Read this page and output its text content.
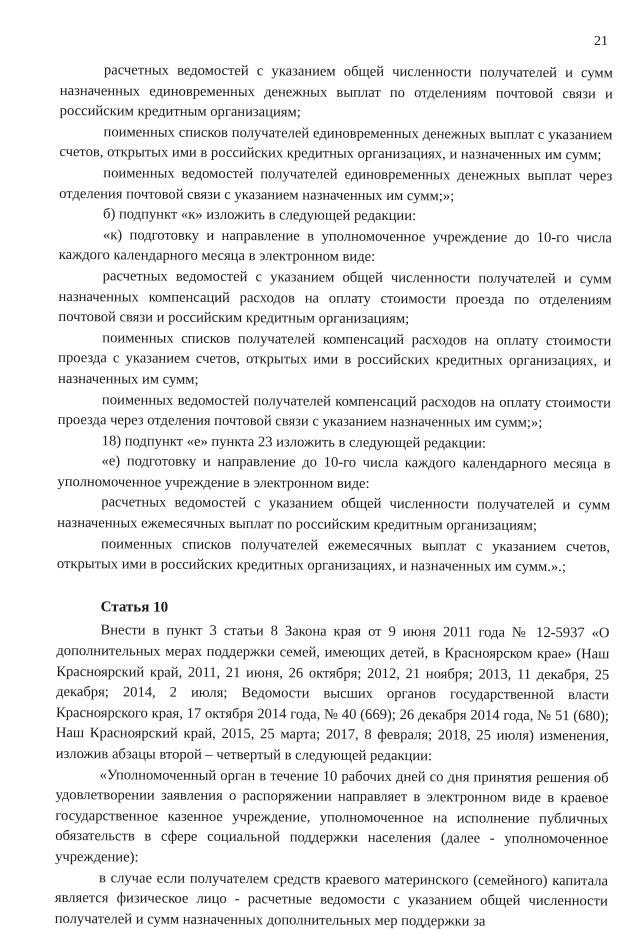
21

расчетных ведомостей с указанием общей численности получателей и сумм назначенных единовременных денежных выплат по отделениям почтовой связи и российским кредитным организациям;

поименных списков получателей единовременных денежных выплат с указанием счетов, открытых ими в российских кредитных организациях, и назначенных им сумм;

поименных ведомостей получателей единовременных денежных выплат через отделения почтовой связи с указанием назначенных им сумм;»;

б) подпункт «к» изложить в следующей редакции:

«к) подготовку и направление в уполномоченное учреждение до 10-го числа каждого календарного месяца в электронном виде:

расчетных ведомостей с указанием общей численности получателей и сумм назначенных компенсаций расходов на оплату стоимости проезда по отделениям почтовой связи и российским кредитным организациям;

поименных списков получателей компенсаций расходов на оплату стоимости проезда с указанием счетов, открытых ими в российских кредитных организациях, и назначенных им сумм;

поименных ведомостей получателей компенсаций расходов на оплату стоимости проезда через отделения почтовой связи с указанием назначенных им сумм;»;

18) подпункт «е» пункта 23 изложить в следующей редакции:

«е) подготовку и направление до 10-го числа каждого календарного месяца в уполномоченное учреждение в электронном виде:

расчетных ведомостей с указанием общей численности получателей и сумм назначенных ежемесячных выплат по российским кредитным организациям;

поименных списков получателей ежемесячных выплат с указанием счетов, открытых ими в российских кредитных организациях, и назначенных им сумм.».;

Статья 10

Внести в пункт 3 статьи 8 Закона края от 9 июня 2011 года № 12-5937 «О дополнительных мерах поддержки семей, имеющих детей, в Красноярском крае» (Наш Красноярский край, 2011, 21 июня, 26 октября; 2012, 21 ноября; 2013, 11 декабря, 25 декабря; 2014, 2 июля; Ведомости высших органов государственной власти Красноярского края, 17 октября 2014 года, № 40 (669); 26 декабря 2014 года, № 51 (680); Наш Красноярский край, 2015, 25 марта; 2017, 8 февраля; 2018, 25 июля) изменения, изложив абзацы второй – четвертый в следующей редакции:

«Уполномоченный орган в течение 10 рабочих дней со дня принятия решения об удовлетворении заявления о распоряжении направляет в электронном виде в краевое государственное казенное учреждение, уполномоченное на исполнение публичных обязательств в сфере социальной поддержки населения (далее - уполномоченное учреждение):

в случае если получателем средств краевого материнского (семейного) капитала является физическое лицо - расчетные ведомости с указанием общей численности получателей и сумм назначенных дополнительных мер поддержки за
